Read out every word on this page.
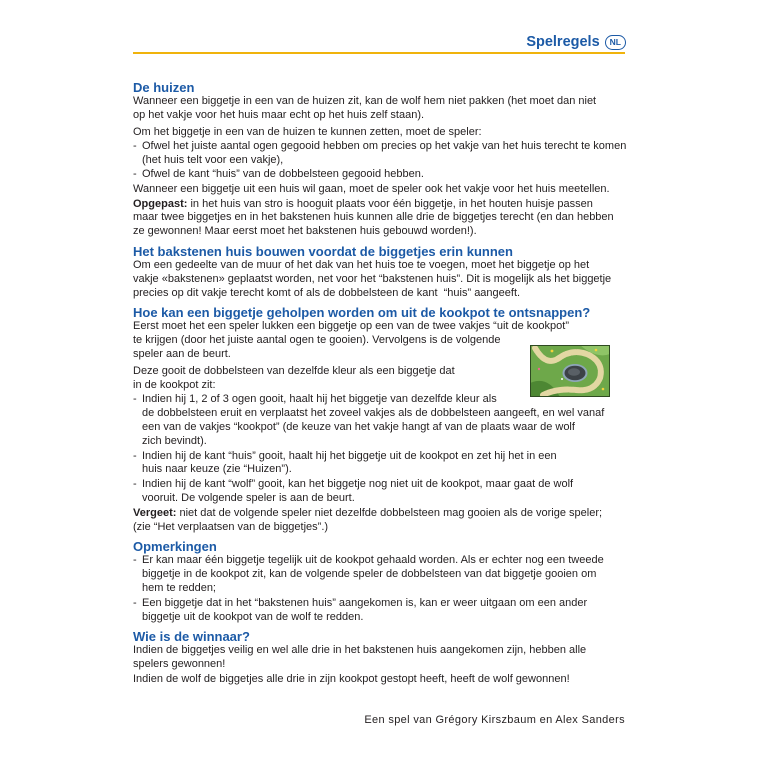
Spelregels	NL
De huizen

Wanneer een biggetje in een van de huizen zit, kan de wolf hem niet pakken (het moet dan niet
op het vakje voor het huis maar echt op het huis zelf staan).

Om het biggetje in een van de huizen te kunnen zetten, moet de speler:

- Ofwel het juiste aantal ogen gegooid hebben om precies op het vakje van het huis terecht te komen
(het huis telt voor een vakje),
- Ofwel de kant “huis” van de dobbelsteen gegooid hebben.

Wanneer een biggetje uit een huis wil gaan, moet de speler ook het vakje voor het huis meetellen.

Opgepast: in het huis van stro is hooguit plaats voor één biggetje, in het houten huisje passen
maar twee biggetjes en in het bakstenen huis kunnen alle drie de biggetjes terecht (en dan hebben
ze gewonnen! Maar eerst moet het bakstenen huis gebouwd worden!).

Het bakstenen huis bouwen voordat de biggetjes erin kunnen

Om een gedeelte van de muur of het dak van het huis toe te voegen, moet het biggetje op het
vakje «bakstenen» geplaatst worden, net voor het “bakstenen huis”. Dit is mogelijk als het biggetje
precies op dit vakje terecht komt of als de dobbelsteen de kant  “huis” aangeeft.

Hoe kan een biggetje geholpen worden om uit de kookpot te ontsnappen?

Eerst moet het een speler lukken een biggetje op een van de twee vakjes “uit de kookpot”
te krijgen (door het juiste aantal ogen te gooien). Vervolgens is de volgende
speler aan de beurt.

Deze gooit de dobbelsteen van dezelfde kleur als een biggetje dat
in de kookpot zit:

- Indien hij 1, 2 of 3 ogen gooit, haalt hij het biggetje van dezelfde kleur als
de dobbelsteen eruit en verplaatst het zoveel vakjes als de dobbelsteen aangeeft, en wel vanaf
een van de vakjes “kookpot” (de keuze van het vakje hangt af van de plaats waar de wolf
zich bevindt).
- Indien hij de kant “huis” gooit, haalt hij het biggetje uit de kookpot en zet hij het in een
huis naar keuze (zie “Huizen”).
- Indien hij de kant “wolf” gooit, kan het biggetje nog niet uit de kookpot, maar gaat de wolf
vooruit. De volgende speler is aan de beurt.

Vergeet: niet dat de volgende speler niet dezelfde dobbelsteen mag gooien als de vorige speler;
(zie “Het verplaatsen van de biggetjes”.)

Opmerkingen
- Er kan maar één biggetje tegelijk uit de kookpot gehaald worden. Als er echter nog een tweede
biggetje in de kookpot zit, kan de volgende speler de dobbelsteen van dat biggetje gooien om
hem te redden;
- Een biggetje dat in het “bakstenen huis” aangekomen is, kan er weer uitgaan om een ander
biggetje uit de kookpot van de wolf te redden.
Wie is de winnaar?

Indien de biggetjes veilig en wel alle drie in het bakstenen huis aangekomen zijn, hebben alle
spelers gewonnen!

Indien de wolf de biggetjes alle drie in zijn kookpot gestopt heeft, heeft de wolf gewonnen!

Een spel van Grégory Kirszbaum en Alex Sanders
